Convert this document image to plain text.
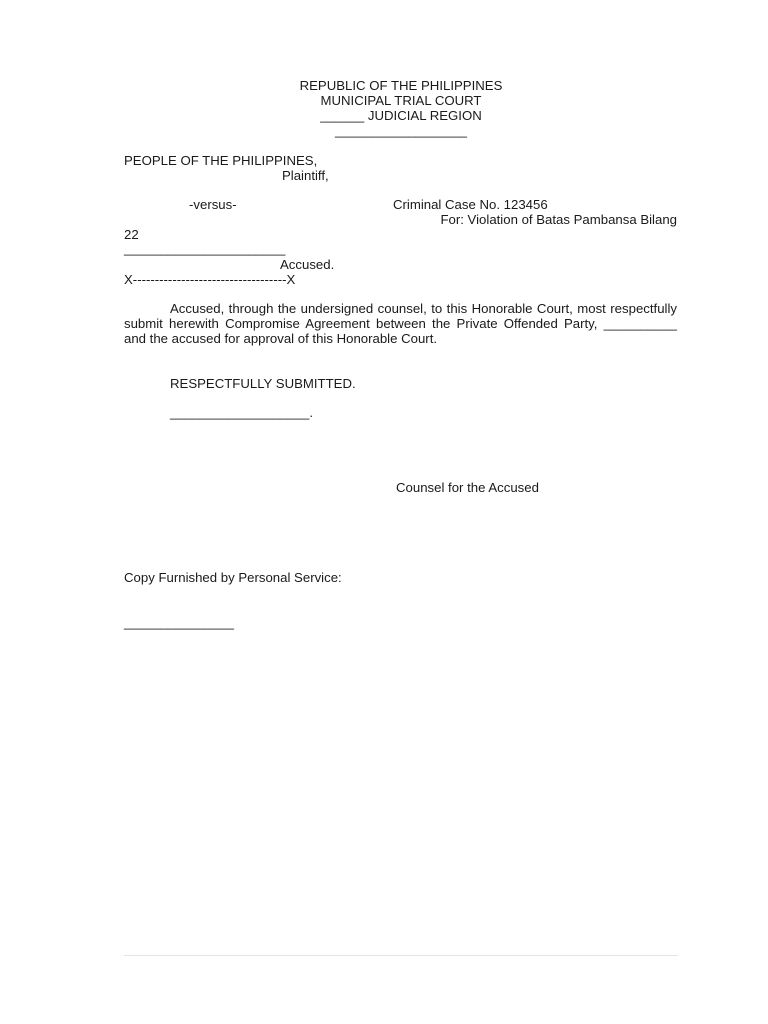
REPUBLIC OF THE PHILIPPINES
MUNICIPAL TRIAL COURT
______ JUDICIAL REGION
__________________
PEOPLE OF THE PHILIPPINES,
Plaintiff,
-versus-	Criminal Case No. 123456
For: Violation of Batas Pambansa Bilang
22
______________________
Accused.
X-----------------------------------X
Accused, through the undersigned counsel, to this Honorable Court, most respectfully submit herewith Compromise Agreement between the Private Offended Party, __________ and the accused for approval of this Honorable Court.
RESPECTFULLY SUBMITTED.
___________________.
Counsel for the Accused
Copy Furnished by Personal Service:
_______________
